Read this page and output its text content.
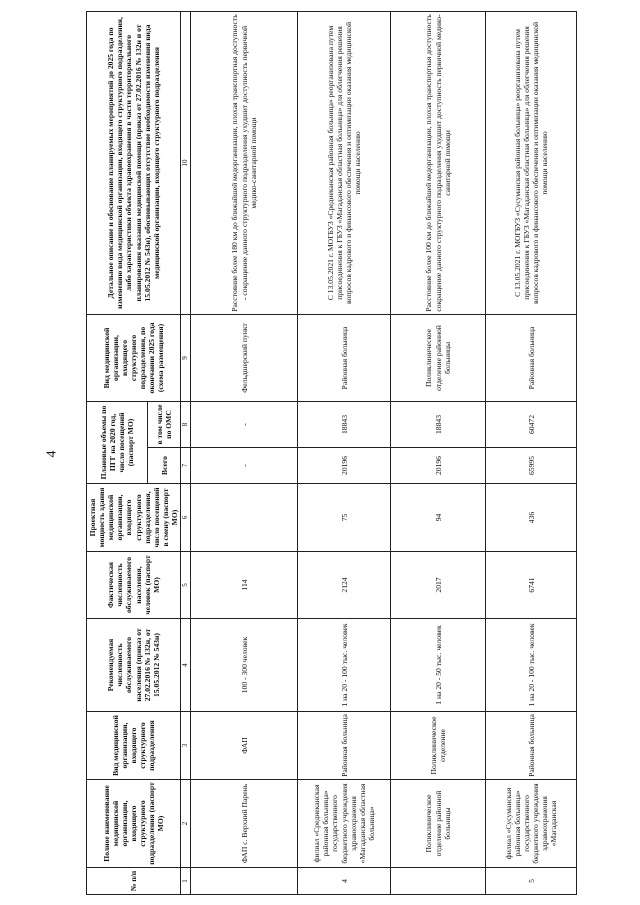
4
№ п/п	Полное наименование медицинской организации, входящего структурного подразделения (паспорт МО)	Вид медицинской организации, входящего структурного подразделения	Рекомендуемая численность обслуживаемого населения (приказ от 27.02.2016 № 132н, от 15.05.2012 № 543н)	Фактическая численность обслуживаемого населения, человек (паспорт МО)	Проектная мощность здания медицинской организации, входящего структурного подразделения, число посещений в смену (паспорт МО)	Плановые объемы по ПГГ на 2020 год, число посещений (паспорт МО)		Вид медицинской организации, входящего структурного подразделения, по окончании 2025 года (схема размещения)	Детальное описание и обоснование планируемых мероприятий до 2025 года по изменению вида медицинской организации, входящего структурного подразделения, либо характеристики объекта здравоохранения в части территориального планирования оказания медицинской помощи (приказ от 27.02.2016 № 132н и от 15.05.2012 № 543н), обосновывающих отсутствие необходимости изменения вида медицинской организации, входящего структурного подразделения
						Всего	в том числе по ОМС		
1	2	3	4	5	6	7	8	9	10
	ФАП с. Верхний Парень	ФАП	100 - 300 человек	114		-	-	Фельдшерский пункт	Расстояние более 180 км до ближайшей медорганизации, плохая транспортная доступность - сокращение данного структурного подразделения ухудшит доступность первичной медико-санитарной помощи
4	филиал «Среднеканская районная больница» государственного бюджетного учреждения здравоохранения «Магаданская областная больница»	Районная больница	1 на 20 - 100 тыс. человек	2124	75	20196	18843	Районная больница	С 13.05.2021 г. МОГБУЗ «Среднеканская районная больница» реорганизована путем присоединения к ГБУЗ «Магаданская областная больница» для облегчения решения вопросов кадрового и финансового обеспечения и оптимизации оказания медицинской помощи населению
	Поликлиническое отделение районной больницы	Поликлиническое отделение	1 на 20 - 50 тыс. человек	2017	94	20196	18843	Поликлиническое отделение районной больницы	Расстояние более 100 км до ближайшей медорганизации, плохая транспортная доступность сокращение данного структурного подразделения ухудшит доступность первичной медико-санитарной помощи
5	филиал «Сусуманская районная больница» государственного бюджетного учреждения здравоохранения «Магаданская	Районная больница	1 на 20 - 100 тыс. человек	6741	436	65995	60472	Районная больница	С 13.05.2021 г. МОГБУЗ «Сусуманская районная больница» реорганизована путем присоединения к ГБУЗ «Магаданская областная больница» для облегчения решения вопросов кадрового и финансового обеспечения и оптимизации оказания медицинской помощи населению
